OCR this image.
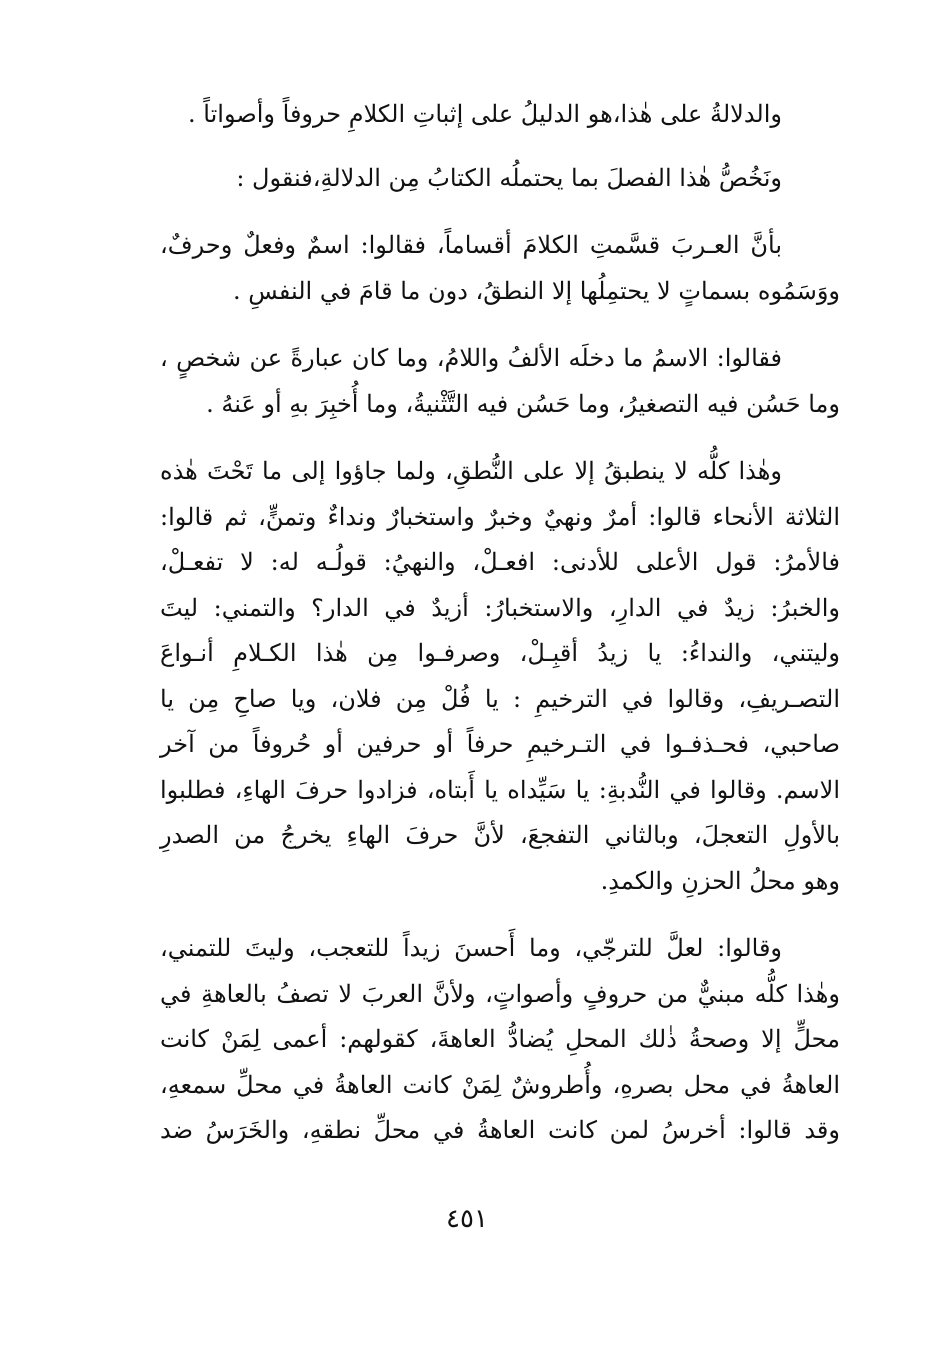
والدلالةُ على هٰذا،هو الدليلُ على إثباتِ الكلامِ حروفاً وأصواتاً .

ونَخُصُّ هٰذا الفصلَ بما يحتملُه الكتابُ مِن الدلالةِ،فنقول :

بأنَّ العـربَ قسَّمتِ الكلامَ أقساماً، فقالوا: اسمٌ وفعلٌ وحرفٌ،
ووَسَمُوه بسماتٍ لا يحتمِلُها إلا النطقُ، دون ما قامَ في النفسِ .

فقالوا: الاسمُ ما دخلَه الألفُ واللامُ، وما كان عبارةً عن شخصٍ ،
وما حَسُن فيه التصغيرُ، وما حَسُن فيه التَّثْنيةُ، وما أُخبِرَ بهِ أو عَنهُ .

وهٰذا كلُّه لا ينطبقُ إلا على النُّطقِ، ولما جاؤوا إلى ما تَحْتَ هٰذه
الثلاثة الأنحاء قالوا: أمرٌ ونهيٌ وخبرٌ واستخبارٌ ونداءٌ وتمنٍّ، ثم قالوا:
فالأمرُ: قول الأعلى للأدنى: افعـلْ، والنهيُ: قولُـه له: لا تفعـلْ،
والخبرُ: زيدٌ في الدارِ، والاستخبارُ: أزيدٌ في الدار؟ والتمني: ليتَ
وليتني، والنداءُ: يا زيدُ أقبِـلْ، وصرفـوا مِن هٰذا الكـلامِ أنـواعَ
التصـريفِ، وقالوا في الترخيمِ : يا فُلْ مِن فلان، ويا صاحِ مِن يا
صاحبي، فحـذفـوا في التـرخيمِ حرفاً أو حرفين أو حُروفاً من آخر
الاسم. وقالوا في النُّدبةِ: يا سَيِّداه يا أَبتاه، فزادوا حرفَ الهاءِ، فطلبوا
بالأولِ التعجلَ، وبالثاني التفجعَ، لأنَّ حرفَ الهاءِ يخرجُ من الصدرِ
وهو محلُ الحزنِ والكمدِ.

وقالوا: لعلَّ للترجّي، وما أَحسنَ زيداً للتعجب، وليتَ للتمني،
وهٰذا كلُّه مبنيٌّ من حروفٍ وأصواتٍ، ولأنَّ العربَ لا تصفُ بالعاهةِ في
محلٍّ إلا وصحةُ ذٰلك المحلِ يُضادُّ العاهةَ، كقولهم: أعمى لِمَنْ كانت
العاهةُ في محل بصرهِ، وأُطروشٌ لِمَنْ كانت العاهةُ في محلِّ سمعهِ،
وقد قالوا: أخرسُ لمن كانت العاهةُ في محلِّ نطقهِ، والخَرَسُ ضد

٤٥١
